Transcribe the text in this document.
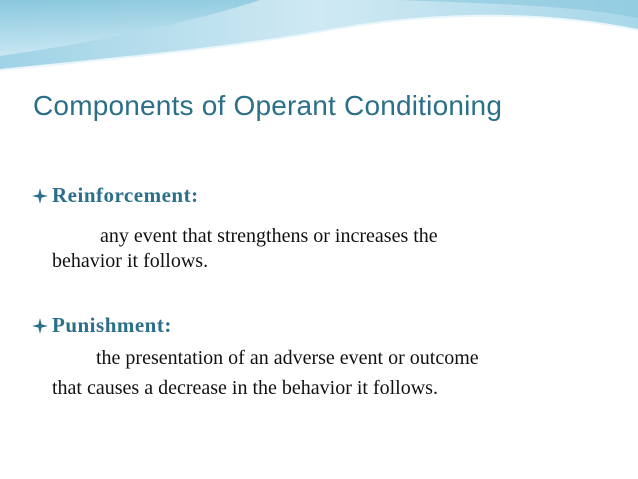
Components of Operant Conditioning
Reinforcement:
any event that strengthens or increases the
behavior it follows.
Punishment:
the presentation of an adverse event or outcome
that causes a decrease in the behavior it follows.
